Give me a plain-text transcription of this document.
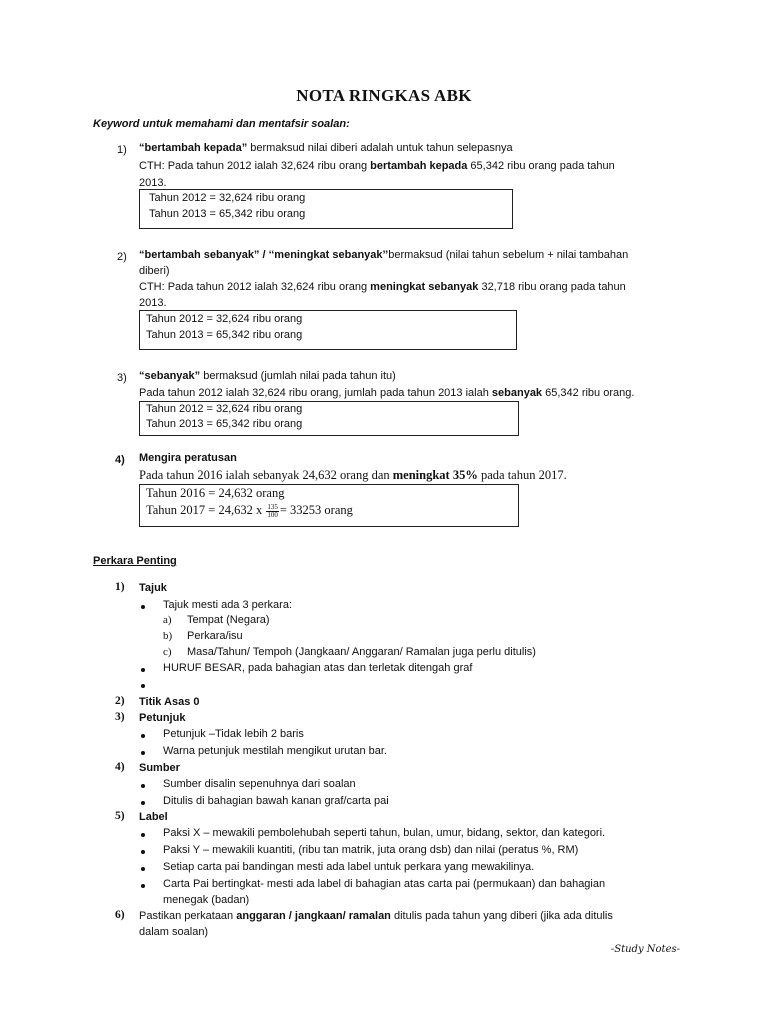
NOTA RINGKAS ABK
Keyword untuk memahami dan mentafsir soalan:
1) “bertambah kepada” bermaksud nilai diberi adalah untuk tahun selepasnya
CTH: Pada tahun 2012 ialah 32,624 ribu orang bertambah kepada 65,342 ribu orang pada tahun
2013.
Tahun 2012 = 32,624 ribu orang
Tahun 2013 = 65,342 ribu orang
2) “bertambah sebanyak” / ‘‘meningkat sebanyak’’bermaksud (nilai tahun sebelum + nilai tambahan
diberi)
CTH: Pada tahun 2012 ialah 32,624 ribu orang meningkat sebanyak 32,718 ribu orang pada tahun
2013.
Tahun 2012 = 32,624 ribu orang
Tahun 2013 = 65,342 ribu orang
3) “sebanyak” bermaksud (jumlah nilai pada tahun itu)
Pada tahun 2012 ialah 32,624 ribu orang, jumlah pada tahun 2013 ialah sebanyak 65,342 ribu orang.
Tahun 2012 = 32,624 ribu orang
Tahun 2013 = 65,342 ribu orang
4) Mengira peratusan
Pada tahun 2016 ialah sebanyak 24,632 orang dan meningkat 35% pada tahun 2017.
Tahun 2016 = 24,632 orang
Tahun 2017 = 24,632 x $\frac{135}{100} = 33253$ orang
Perkara Penting
1) Tajuk
Tajuk mesti ada 3 perkara:
a) Tempat (Negara)
b) Perkara/isu
c) Masa/Tahun/ Tempoh (Jangkaan/ Anggaran/ Ramalan juga perlu ditulis)
HURUF BESAR, pada bahagian atas dan terletak ditengah graf
2) Titik Asas 0
3) Petunjuk
Petunjuk –Tidak lebih 2 baris
Warna petunjuk mestilah mengikut urutan bar.
4) Sumber
Sumber disalin sepenuhnya dari soalan
Ditulis di bahagian bawah kanan graf/carta pai
5) Label
Paksi X – mewakili pembolehubah seperti tahun, bulan, umur, bidang, sektor, dan kategori.
Paksi Y – mewakili kuantiti, (ribu tan matrik, juta orang dsb) dan nilai (peratus %, RM)
Setiap carta pai bandingan mesti ada label untuk perkara yang mewakilinya.
Carta Pai bertingkat- mesti ada label di bahagian atas carta pai (permukaan) dan bahagian
menegak (badan)
6) Pastikan perkataan anggaran / jangkaan/ ramalan ditulis pada tahun yang diberi (jika ada ditulis
dalam soalan)
-Study Notes-
